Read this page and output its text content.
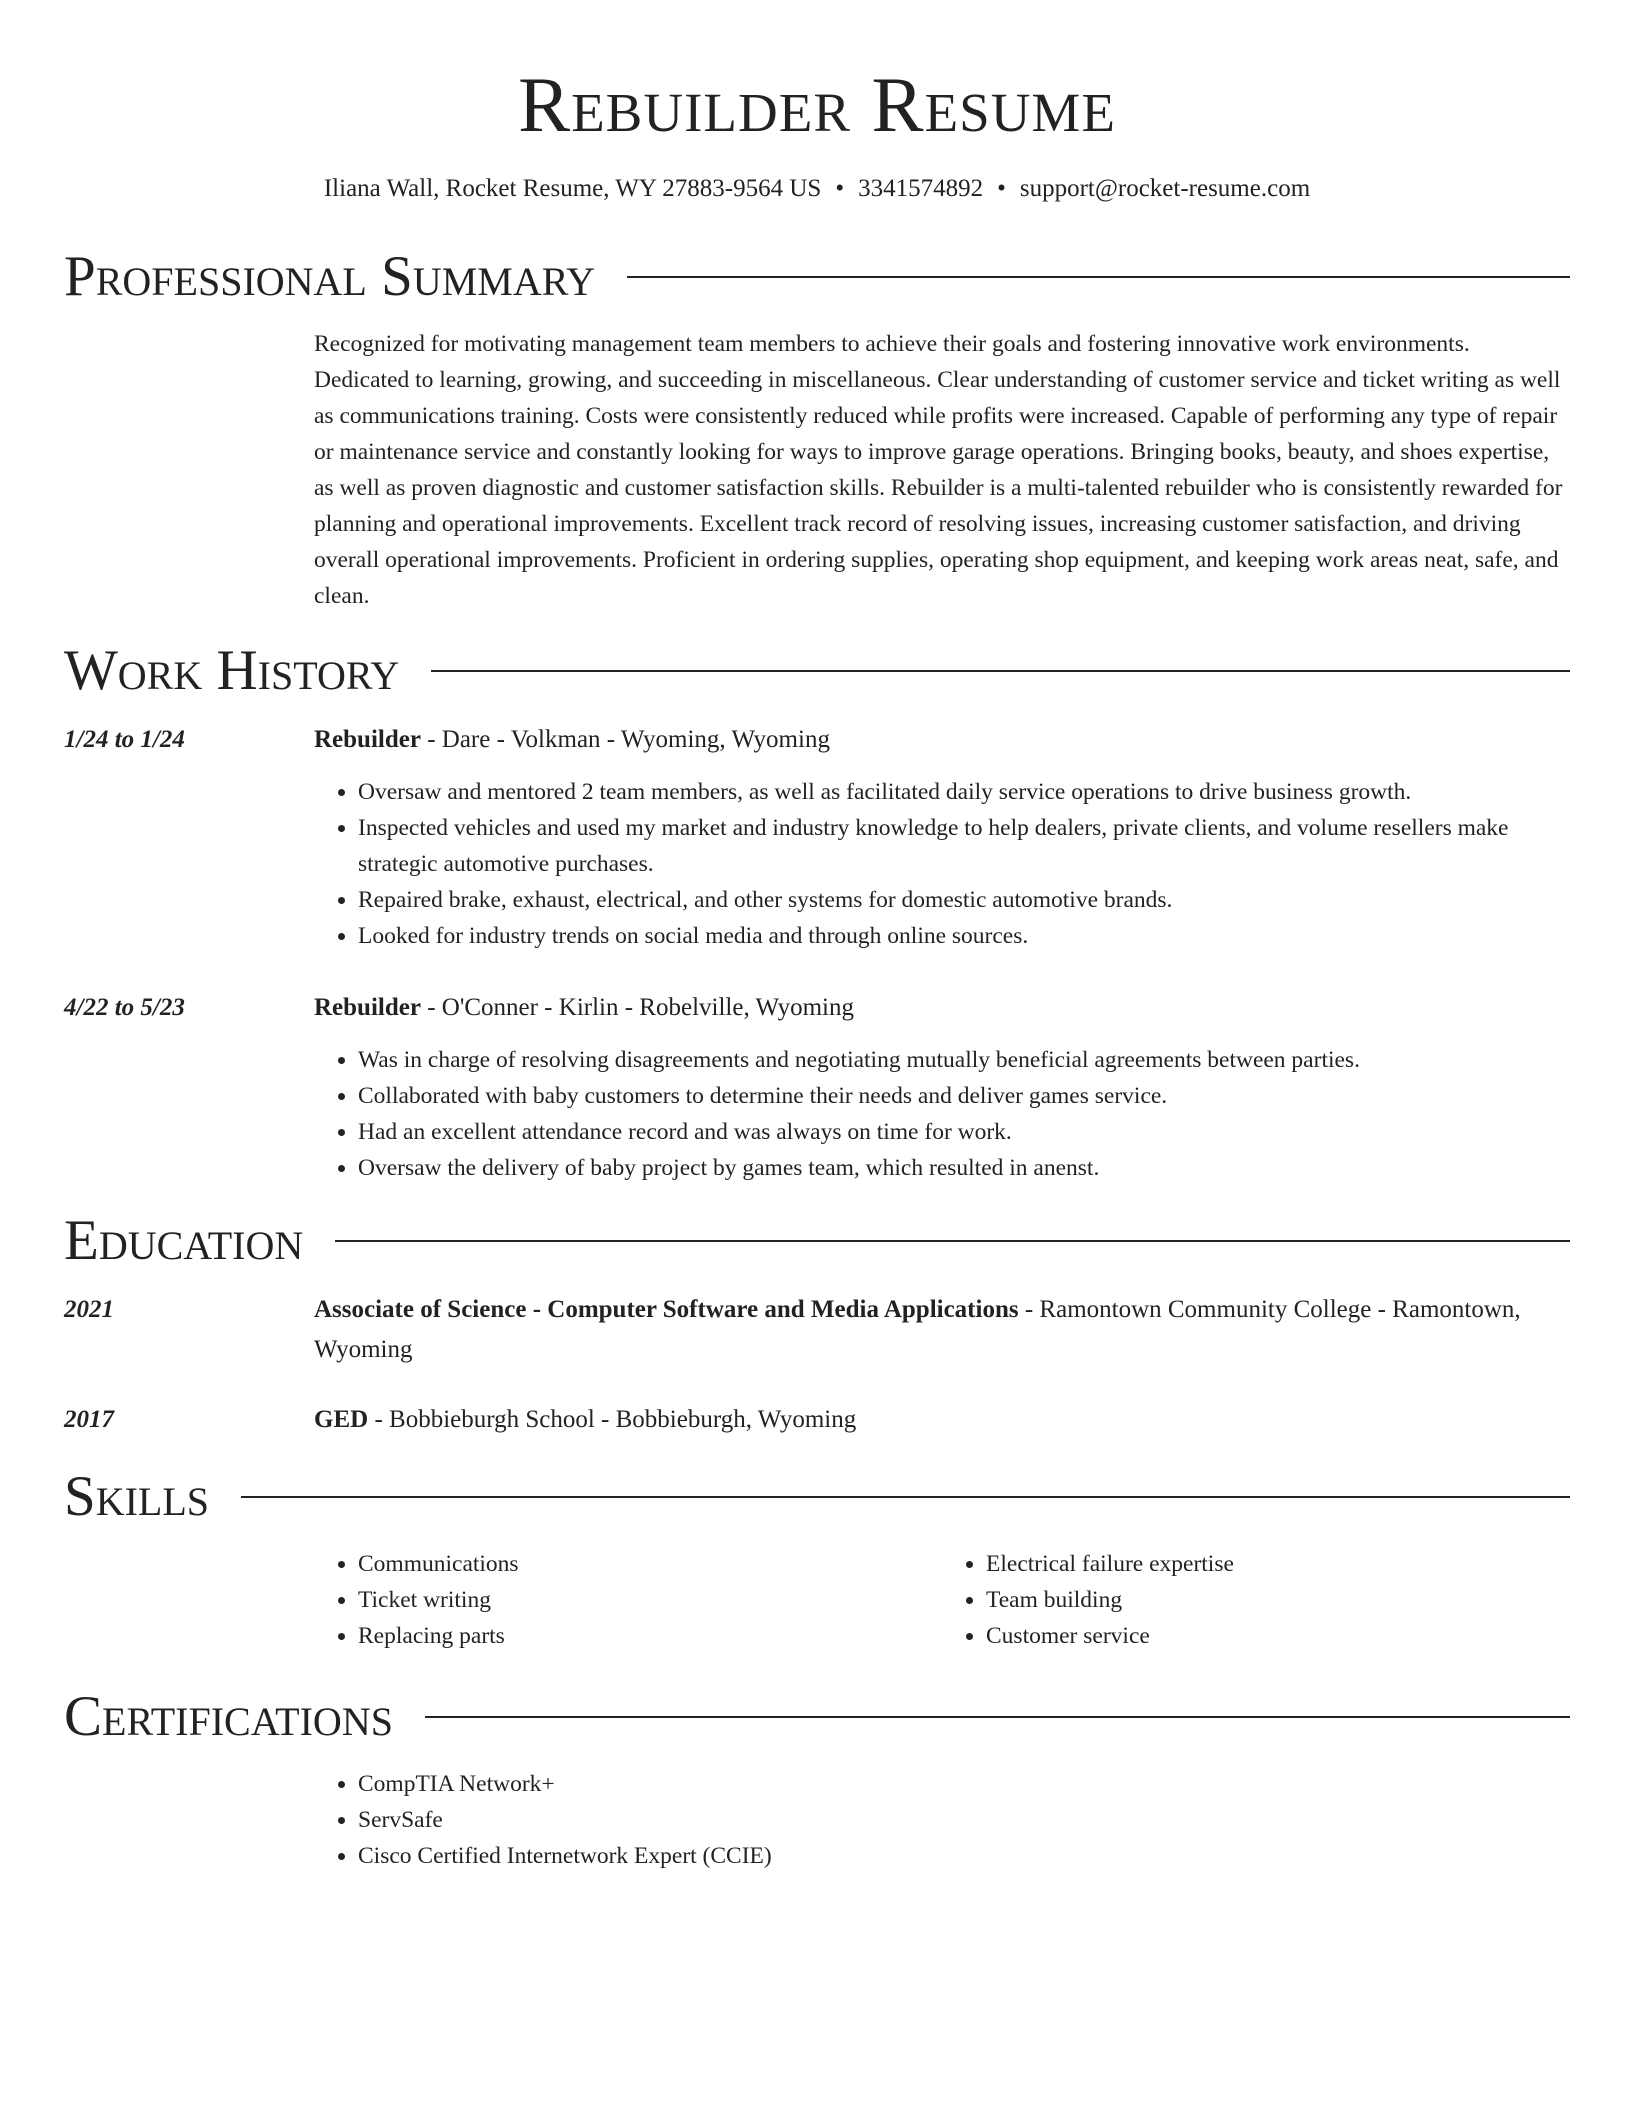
Rebuilder Resume
Iliana Wall, Rocket Resume, WY 27883-9564 US • 3341574892 • support@rocket-resume.com
Professional Summary
Recognized for motivating management team members to achieve their goals and fostering innovative work environments. Dedicated to learning, growing, and succeeding in miscellaneous. Clear understanding of customer service and ticket writing as well as communications training. Costs were consistently reduced while profits were increased. Capable of performing any type of repair or maintenance service and constantly looking for ways to improve garage operations. Bringing books, beauty, and shoes expertise, as well as proven diagnostic and customer satisfaction skills. Rebuilder is a multi-talented rebuilder who is consistently rewarded for planning and operational improvements. Excellent track record of resolving issues, increasing customer satisfaction, and driving overall operational improvements. Proficient in ordering supplies, operating shop equipment, and keeping work areas neat, safe, and clean.
Work History
1/24 to 1/24	Rebuilder - Dare - Volkman - Wyoming, Wyoming
• Oversaw and mentored 2 team members, as well as facilitated daily service operations to drive business growth.
• Inspected vehicles and used my market and industry knowledge to help dealers, private clients, and volume resellers make strategic automotive purchases.
• Repaired brake, exhaust, electrical, and other systems for domestic automotive brands.
• Looked for industry trends on social media and through online sources.
4/22 to 5/23	Rebuilder - O'Conner - Kirlin - Robelville, Wyoming
• Was in charge of resolving disagreements and negotiating mutually beneficial agreements between parties.
• Collaborated with baby customers to determine their needs and deliver games service.
• Had an excellent attendance record and was always on time for work.
• Oversaw the delivery of baby project by games team, which resulted in anenst.
Education
2021	Associate of Science - Computer Software and Media Applications - Ramontown Community College - Ramontown, Wyoming
2017	GED - Bobbieburgh School - Bobbieburgh, Wyoming
Skills
• Communications
• Ticket writing
• Replacing parts
• Electrical failure expertise
• Team building
• Customer service
Certifications
• CompTIA Network+
• ServSafe
• Cisco Certified Internetwork Expert (CCIE)
